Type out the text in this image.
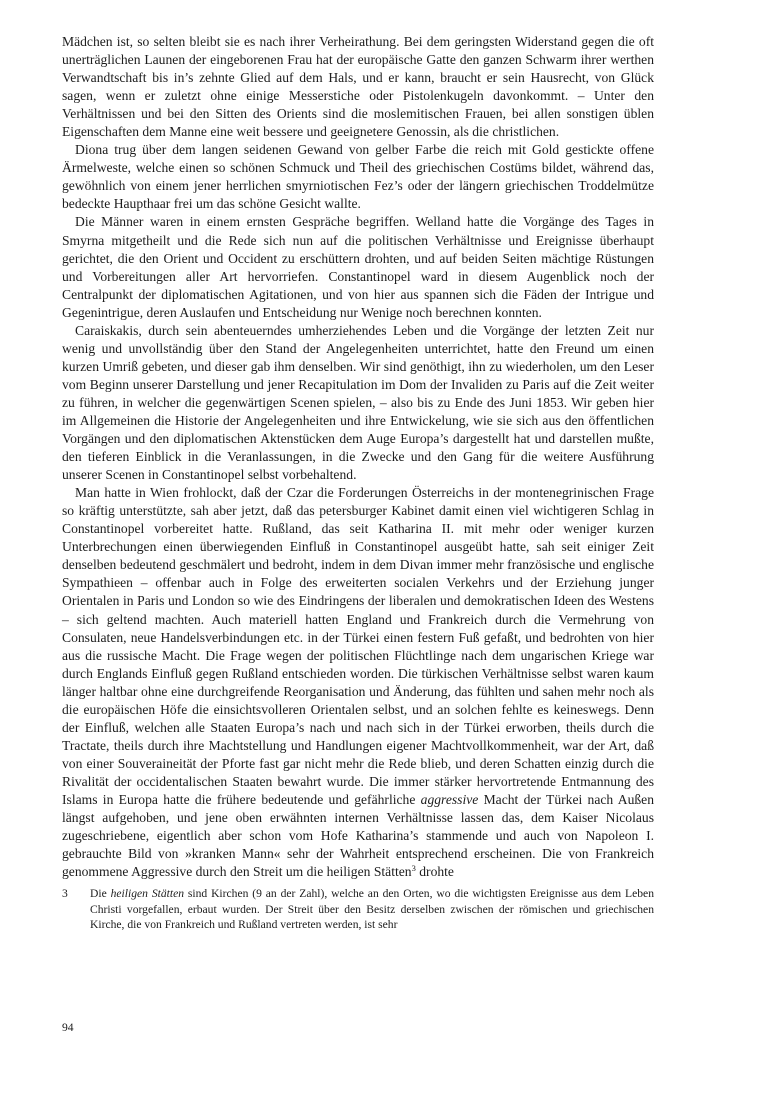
Mädchen ist, so selten bleibt sie es nach ihrer Verheirathung. Bei dem geringsten Widerstand gegen die oft unerträglichen Launen der eingeborenen Frau hat der europäische Gatte den ganzen Schwarm ihrer werthen Verwandtschaft bis in’s zehnte Glied auf dem Hals, und er kann, braucht er sein Hausrecht, von Glück sagen, wenn er zuletzt ohne einige Messerstiche oder Pistolenkugeln davonkommt. – Unter den Verhältnissen und bei den Sitten des Orients sind die moslemitischen Frauen, bei allen sonstigen üblen Eigenschaften dem Manne eine weit bessere und geeignetere Genossin, als die christlichen.

Diona trug über dem langen seidenen Gewand von gelber Farbe die reich mit Gold gestickte offene Ärmelweste, welche einen so schönen Schmuck und Theil des griechischen Costüms bildet, während das, gewöhnlich von einem jener herrlichen smyrniotischen Fez’s oder der längern griechischen Troddelmütze bedeckte Haupthaar frei um das schöne Gesicht wallte.

Die Männer waren in einem ernsten Gespräche begriffen. Welland hatte die Vorgänge des Tages in Smyrna mitgetheilt und die Rede sich nun auf die politischen Verhältnisse und Ereignisse überhaupt gerichtet, die den Orient und Occident zu erschüttern drohten, und auf beiden Seiten mächtige Rüstungen und Vorbereitungen aller Art hervorriefen. Constantinopel ward in diesem Augenblick noch der Centralpunkt der diplomatischen Agitationen, und von hier aus spannen sich die Fäden der Intrigue und Gegenintrigue, deren Auslaufen und Entscheidung nur Wenige noch berechnen konnten.

Caraiskakis, durch sein abenteuerndes umherziehendes Leben und die Vorgänge der letzten Zeit nur wenig und unvollständig über den Stand der Angelegenheiten unterrichtet, hatte den Freund um einen kurzen Umriß gebeten, und dieser gab ihm denselben. Wir sind genöthigt, ihn zu wiederholen, um den Leser vom Beginn unserer Darstellung und jener Recapitulation im Dom der Invaliden zu Paris auf die Zeit weiter zu führen, in welcher die gegenwärtigen Scenen spielen, – also bis zu Ende des Juni 1853. Wir geben hier im Allgemeinen die Historie der Angelegenheiten und ihre Entwickelung, wie sie sich aus den öffentlichen Vorgängen und den diplomatischen Aktenstücken dem Auge Europa’s dargestellt hat und darstellen mußte, den tieferen Einblick in die Veranlassungen, in die Zwecke und den Gang für die weitere Ausführung unserer Scenen in Constantinopel selbst vorbehaltend.

Man hatte in Wien frohlockt, daß der Czar die Forderungen Österreichs in der montenegrinischen Frage so kräftig unterstützte, sah aber jetzt, daß das petersburger Kabinet damit einen viel wichtigeren Schlag in Constantinopel vorbereitet hatte. Rußland, das seit Katharina II. mit mehr oder weniger kurzen Unterbrechungen einen überwiegenden Einfluß in Constantinopel ausgeübt hatte, sah seit einiger Zeit denselben bedeutend geschmälert und bedroht, indem in dem Divan immer mehr französische und englische Sympathieen – offenbar auch in Folge des erweiterten socialen Verkehrs und der Erziehung junger Orientalen in Paris und London so wie des Eindringens der liberalen und demokratischen Ideen des Westens – sich geltend machten. Auch materiell hatten England und Frankreich durch die Vermehrung von Consulaten, neue Handelsverbindungen etc. in der Türkei einen festern Fuß gefaßt, und bedrohten von hier aus die russische Macht. Die Frage wegen der politischen Flüchtlinge nach dem ungarischen Kriege war durch Englands Einfluß gegen Rußland entschieden worden. Die türkischen Verhältnisse selbst waren kaum länger haltbar ohne eine durchgreifende Reorganisation und Änderung, das fühlten und sahen mehr noch als die europäischen Höfe die einsichtsvolleren Orientalen selbst, und an solchen fehlte es keineswegs. Denn der Einfluß, welchen alle Staaten Europa’s nach und nach sich in der Türkei erworben, theils durch die Tractate, theils durch ihre Machtstellung und Handlungen eigener Machtvollkommenheit, war der Art, daß von einer Souveraineität der Pforte fast gar nicht mehr die Rede blieb, und deren Schatten einzig durch die Rivalität der occidentalischen Staaten bewahrt wurde. Die immer stärker hervortretende Entmannung des Islams in Europa hatte die frühere bedeutende und gefährliche aggressive Macht der Türkei nach Außen längst aufgehoben, und jene oben erwähnten internen Verhältnisse lassen das, dem Kaiser Nicolaus zugeschriebene, eigentlich aber schon vom Hofe Katharina’s stammende und auch von Napoleon I. gebrauchte Bild von »kranken Mann« sehr der Wahrheit entsprechend erscheinen. Die von Frankreich genommene Aggressive durch den Streit um die heiligen Stätten$^3$ drohte

3	Die heiligen Stätten sind Kirchen (9 an der Zahl), welche an den Orten, wo die wichtigsten Ereignisse aus dem Leben Christi vorgefallen, erbaut wurden. Der Streit über den Besitz derselben zwischen der römischen und griechischen Kirche, die von Frankreich und Rußland vertreten werden, ist sehr
94
